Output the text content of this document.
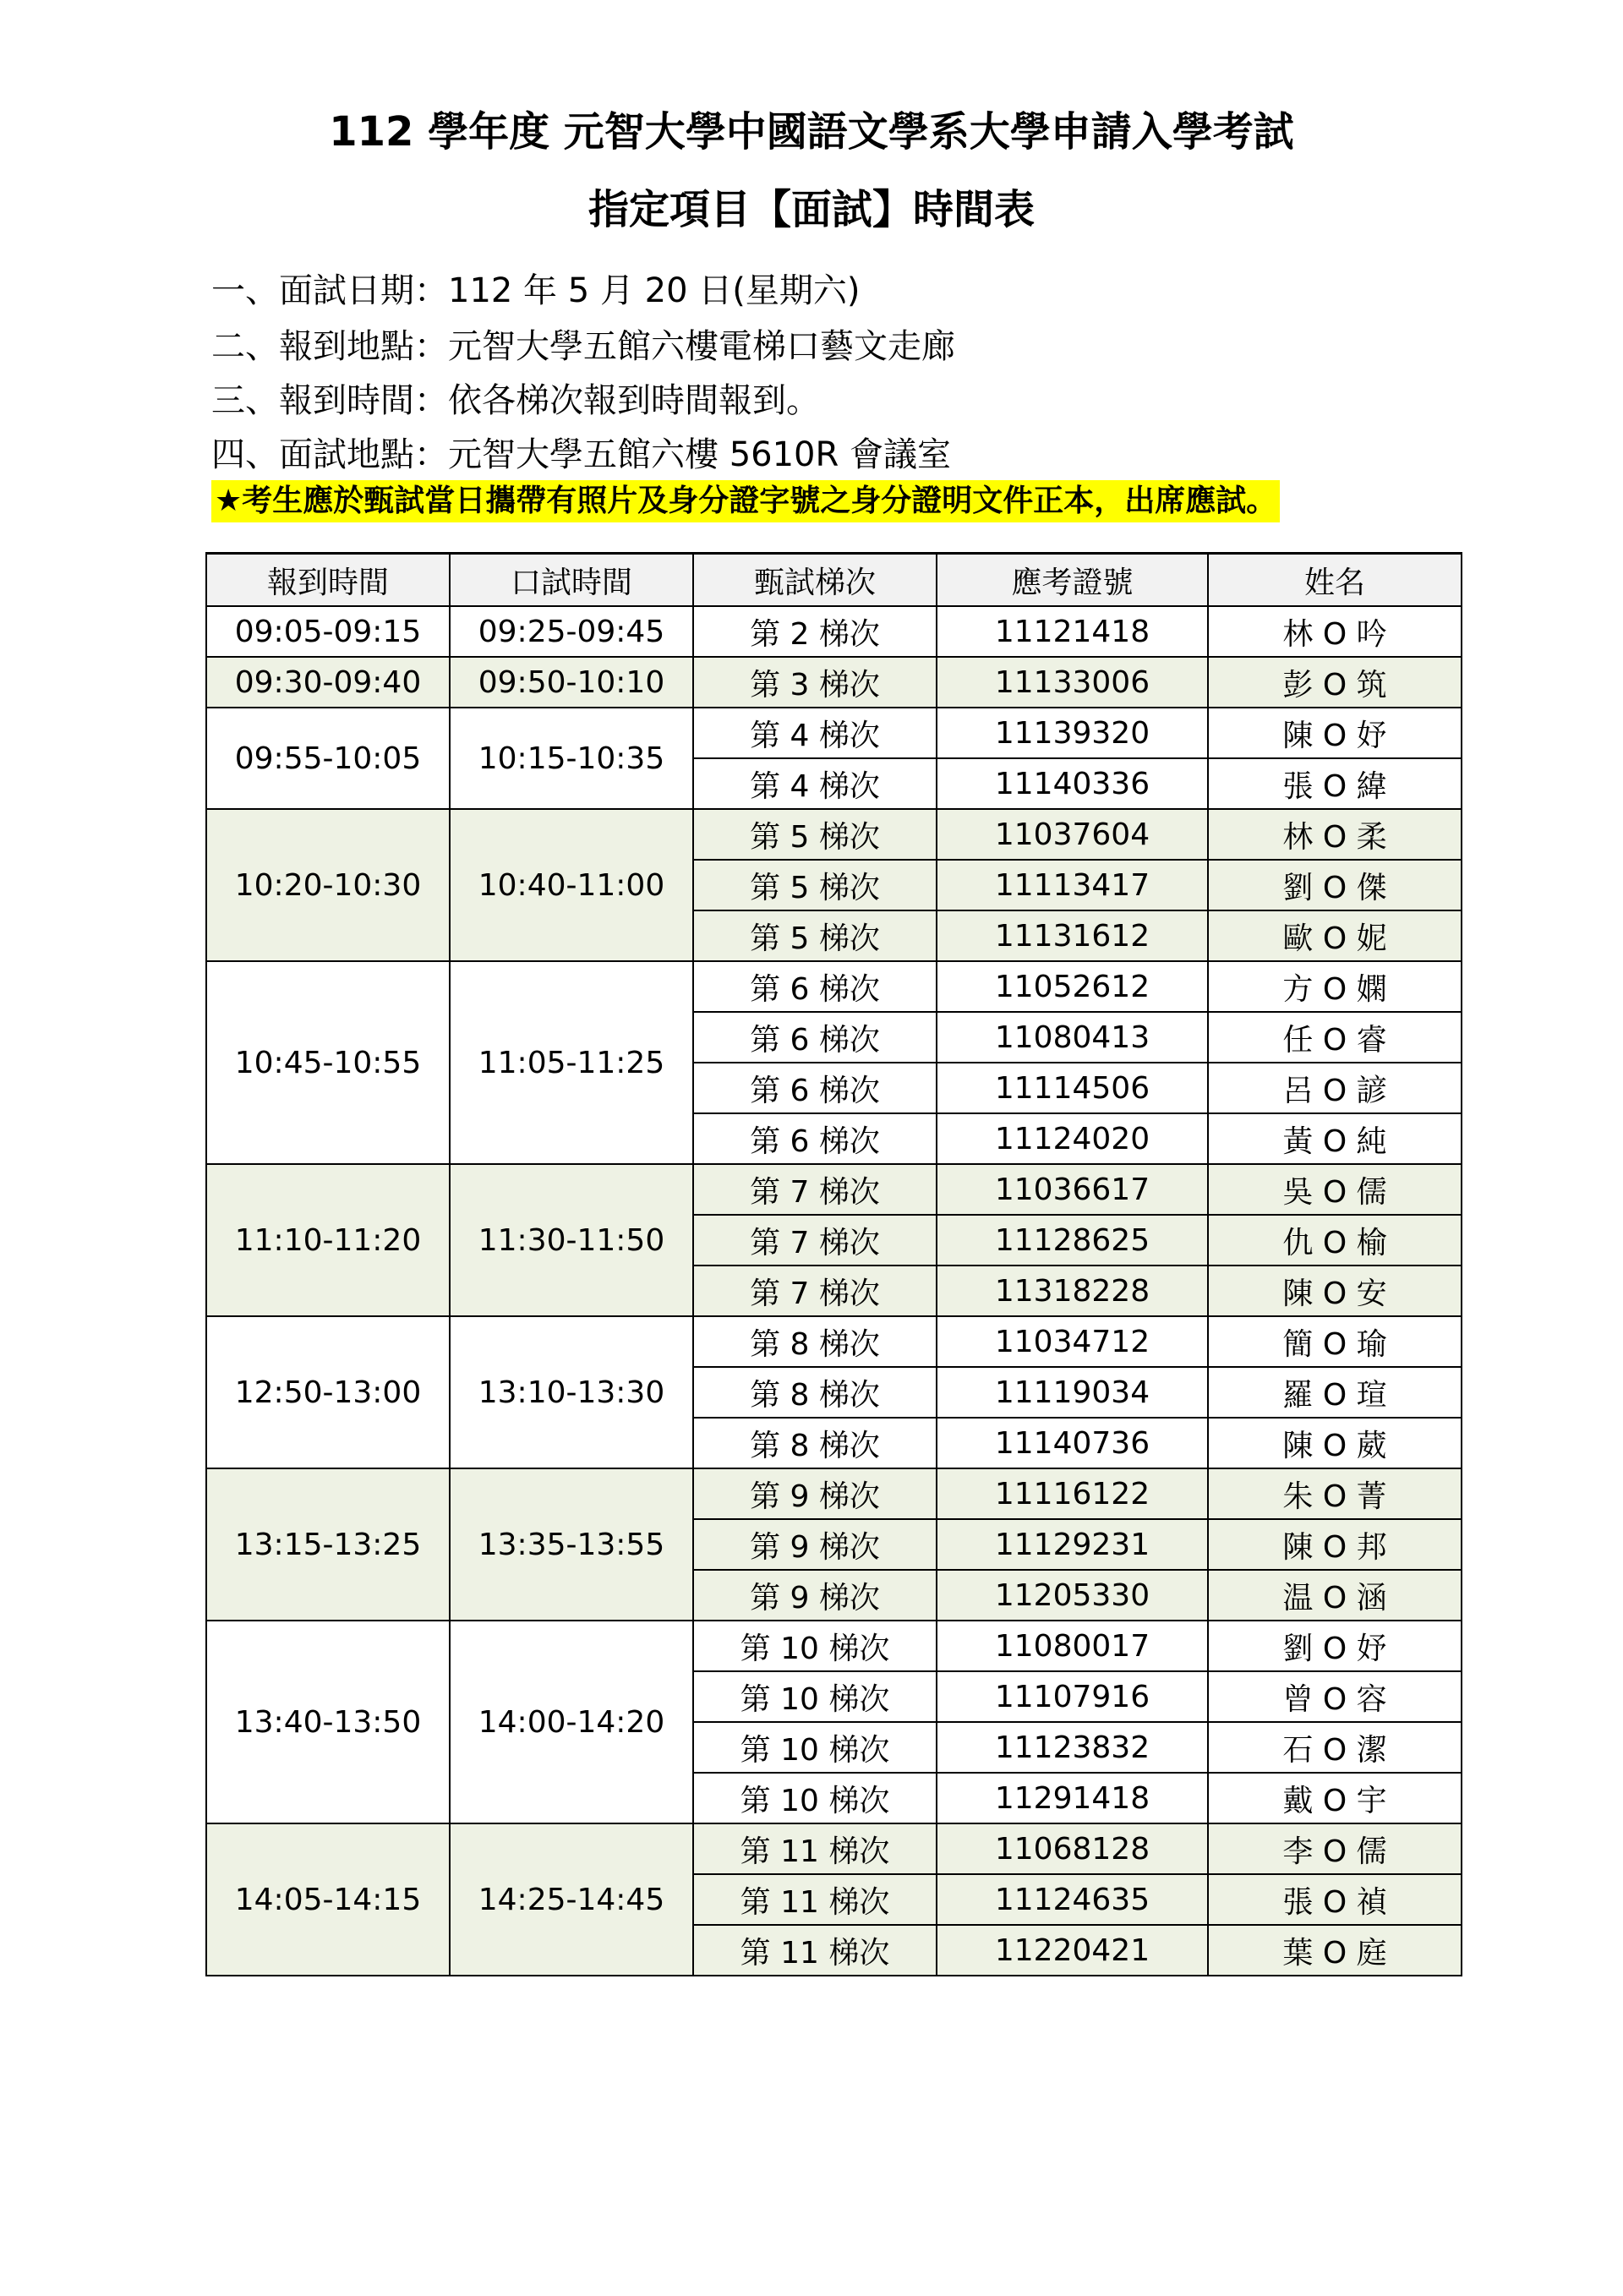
112 學年度 元智大學中國語文學系大學申請入學考試
指定項目【面試】時間表
一、面試日期：112 年 5 月 20 日(星期六)
二、報到地點：元智大學五館六樓電梯口藝文走廊
三、報到時間：依各梯次報到時間報到。
四、面試地點：元智大學五館六樓 5610R 會議室
★考生應於甄試當日攜帶有照片及身分證字號之身分證明文件正本，出席應試。
報到時間	口試時間	甄試梯次	應考證號	姓名
09:05-09:15	09:25-09:45	第 2 梯次	11121418	林 O 吟
09:30-09:40	09:50-10:10	第 3 梯次	11133006	彭 O 筑
09:55-10:05	10:15-10:35	第 4 梯次	11139320	陳 O 妤
		第 4 梯次	11140336	張 O 緯
10:20-10:30	10:40-11:00	第 5 梯次	11037604	林 O 柔
		第 5 梯次	11113417	劉 O 傑
		第 5 梯次	11131612	歐 O 妮
10:45-10:55	11:05-11:25	第 6 梯次	11052612	方 O 嫻
		第 6 梯次	11080413	任 O 睿
		第 6 梯次	11114506	呂 O 諺
		第 6 梯次	11124020	黃 O 純
11:10-11:20	11:30-11:50	第 7 梯次	11036617	吳 O 儒
		第 7 梯次	11128625	仇 O 榆
		第 7 梯次	11318228	陳 O 安
12:50-13:00	13:10-13:30	第 8 梯次	11034712	簡 O 瑜
		第 8 梯次	11119034	羅 O 瑄
		第 8 梯次	11140736	陳 O 葳
13:15-13:25	13:35-13:55	第 9 梯次	11116122	朱 O 菁
		第 9 梯次	11129231	陳 O 邦
		第 9 梯次	11205330	温 O 涵
13:40-13:50	14:00-14:20	第 10 梯次	11080017	劉 O 妤
		第 10 梯次	11107916	曾 O 容
		第 10 梯次	11123832	石 O 潔
		第 10 梯次	11291418	戴 O 宇
14:05-14:15	14:25-14:45	第 11 梯次	11068128	李 O 儒
		第 11 梯次	11124635	張 O 禎
		第 11 梯次	11220421	葉 O 庭
